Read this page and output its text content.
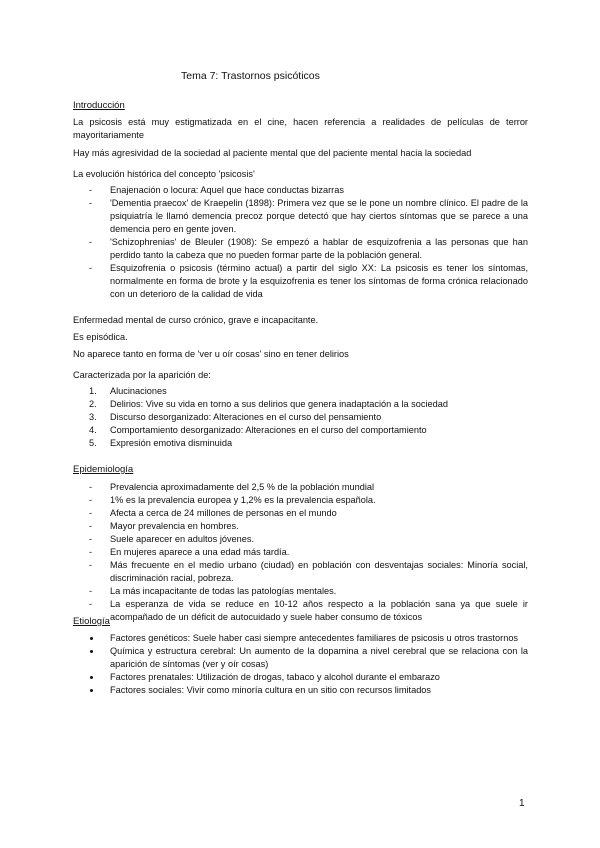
Tema 7: Trastornos psicóticos
Introducción
La psicosis está muy estigmatizada en el cine, hacen referencia a realidades de películas de terror mayoritariamente
Hay más agresividad de la sociedad al paciente mental que del paciente mental hacia la sociedad
La evolución histórica del concepto 'psicosis'
- Enajenación o locura: Aquel que hace conductas bizarras
- 'Dementia praecox' de Kraepelin (1898): Primera vez que se le pone un nombre clínico. El padre de la psiquiatría le llamó demencia precoz porque detectó que hay ciertos síntomas que se parece a una demencia pero en gente joven.
- 'Schizophrenias' de Bleuler (1908): Se empezó a hablar de esquizofrenia a las personas que han perdido tanto la cabeza que no pueden formar parte de la población general.
- Esquizofrenia o psicosis (término actual) a partir del siglo XX: La psicosis es tener los síntomas, normalmente en forma de brote y la esquizofrenia es tener los síntomas de forma crónica relacionado con un deterioro de la calidad de vida
Enfermedad mental de curso crónico, grave e incapacitante.
Es episódica.
No aparece tanto en forma de 'ver u oír cosas' sino en tener delirios
Caracterizada por la aparición de:
1. Alucinaciones
2. Delirios: Vive su vida en torno a sus delirios que genera inadaptación a la sociedad
3. Discurso desorganizado: Alteraciones en el curso del pensamiento
4. Comportamiento desorganizado: Alteraciones en el curso del comportamiento
5. Expresión emotiva disminuida
Epidemiología
- Prevalencia aproximadamente del 2,5 % de la población mundial
- 1% es la prevalencia europea y 1,2% es la prevalencia española.
- Afecta a cerca de 24 millones de personas en el mundo
- Mayor prevalencia en hombres.
- Suele aparecer en adultos jóvenes.
- En mujeres aparece a una edad más tardía.
- Más frecuente en el medio urbano (ciudad) en población con desventajas sociales: Minoría social, discriminación racial, pobreza.
- La más incapacitante de todas las patologías mentales.
- La esperanza de vida se reduce en 10-12 años respecto a la población sana ya que suele ir acompañado de un déficit de autocuidado y suele haber consumo de tóxicos
Etiología
Factores genéticos: Suele haber casi siempre antecedentes familiares de psicosis u otros trastornos
Química y estructura cerebral: Un aumento de la dopamina a nivel cerebral que se relaciona con la aparición de síntomas (ver y oír cosas)
Factores prenatales: Utilización de drogas, tabaco y alcohol durante el embarazo
Factores sociales: Vivir como minoría cultura en un sitio con recursos limitados
1
